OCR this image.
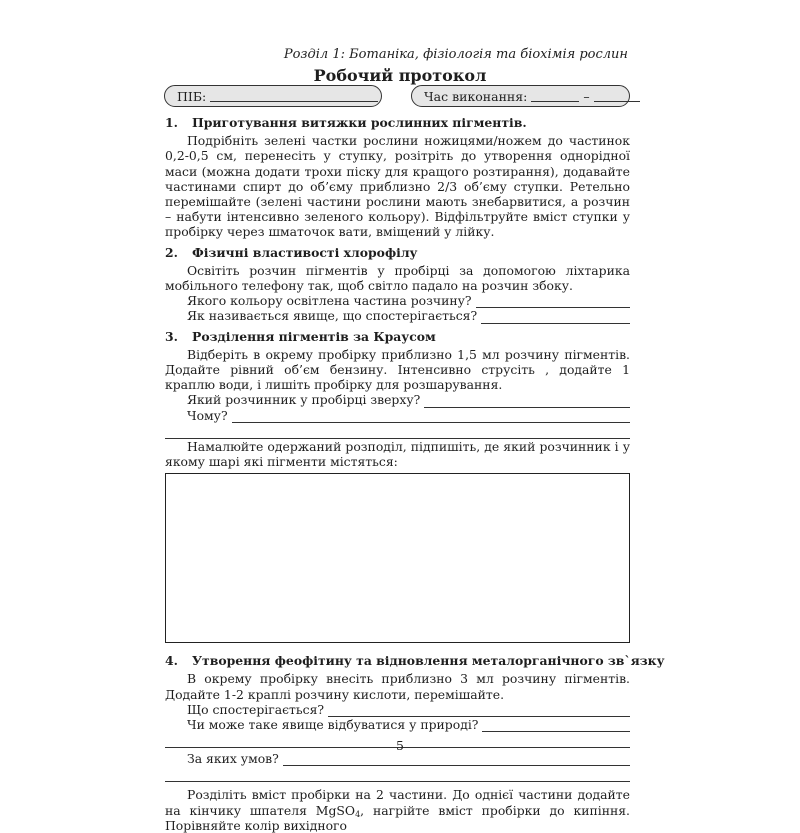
Розділ 1: Ботаніка, фізіологія та біохімія рослин
Робочий протокол
ПІБ:	Час виконання:	–
1.	Приготування витяжки рослинних пігментів.

Подрібніть зелені частки рослини ножицями/ножем до частинок 0,2-0,5 см, перенесіть у ступку, розітріть до утворення однорідної маси (можна додати трохи піску для кращого розтирання), додавайте частинами спирт до об’єму приблизно 2/3 об’єму ступки. Ретельно перемішайте (зелені частини рослини мають знебарвитися, а розчин – набути інтенсивно зеленого кольору). Відфільтруйте вміст ступки у пробірку через шматочок вати, вміщений у лійку.

2.	Фізичні властивості хлорофілу

Освітіть розчин пігментів у пробірці за допомогою ліхтарика мобільного телефону так, щоб світло падало на розчин збоку.

Якого кольору освітлена частина розчину?
Як називається явище, що спостерігається?
3.	Розділення пігментів за Краусом

Відберіть в окрему пробірку приблизно 1,5 мл розчину пігментів. Додайте рівний об’єм бензину. Інтенсивно струсіть , додайте 1 краплю води, і лишіть пробірку для розшарування.

Який розчинник у пробірці зверху?
Чому?

Намалюйте одержаний розподіл, підпишіть, де який розчинник і у якому шарі які пігменти містяться:

4.	Утворення феофітину та відновлення металорганічного зв`язку

В окрему пробірку внесіть приблизно 3 мл розчину пігментів. Додайте 1-2 краплі розчину кислоти, перемішайте.

Що спостерігається?
Чи може таке явище відбуватися у природі?
За яких умов?

Розділіть вміст пробірки на 2 частини. До однієї частини додайте на кінчику шпателя MgSO$_4$, нагрійте вміст пробірки до кипіння. Порівняйте колір вихідного

5
